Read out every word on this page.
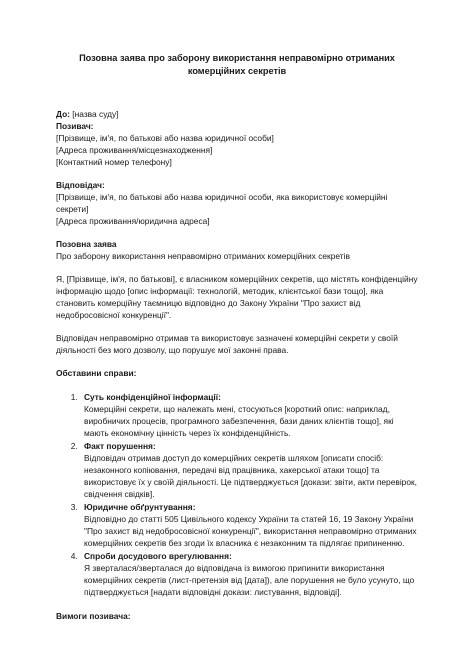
Позовна заява про заборону використання неправомірно отриманих
комерційних секретів
До: [назва суду]
Позивач:
[Прізвище, ім'я, по батькові або назва юридичної особи]
[Адреса проживання/місцезнаходження]
[Контактний номер телефону]
Відповідач:
[Прізвище, ім'я, по батькові або назва юридичної особи, яка використовує комерційні секрети]
[Адреса проживання/юридична адреса]
Позовна заява
Про заборону використання неправомірно отриманих комерційних секретів

Я, [Прізвище, ім'я, по батькові], є власником комерційних секретів, що містять конфіденційну інформацію щодо [опис інформації: технологій, методик, клієнтської бази тощо], яка становить комерційну таємницю відповідно до Закону України "Про захист від недобросовісної конкуренції".

Відповідач неправомірно отримав та використовує зазначені комерційні секрети у своїй діяльності без мого дозволу, що порушує мої законні права.

Обставини справи:
1. Суть конфіденційної інформації:
Комерційні секрети, що належать мені, стосуються [короткий опис: наприклад, виробничих процесів, програмного забезпечення, бази даних клієнтів тощо], які мають економічну цінність через їх конфіденційність.
2. Факт порушення:
Відповідач отримав доступ до комерційних секретів шляхом [описати спосіб: незаконного копіювання, передачі від працівника, хакерської атаки тощо] та використовує їх у своїй діяльності. Це підтверджується [докази: звіти, акти перевірок, свідчення свідків].
3. Юридичне обґрунтування:
Відповідно до статті 505 Цивільного кодексу України та статей 16, 19 Закону України "Про захист від недобросовісної конкуренції", використання неправомірно отриманих комерційних секретів без згоди їх власника є незаконним та підлягає припиненню.
4. Спроби досудового врегулювання:
Я зверталася/зверталася до відповідача із вимогою припинити використання комерційних секретів (лист-претензія від [дата]), але порушення не було усунуто, що підтверджується [надати відповідні докази: листування, відповіді].
Вимоги позивача:
